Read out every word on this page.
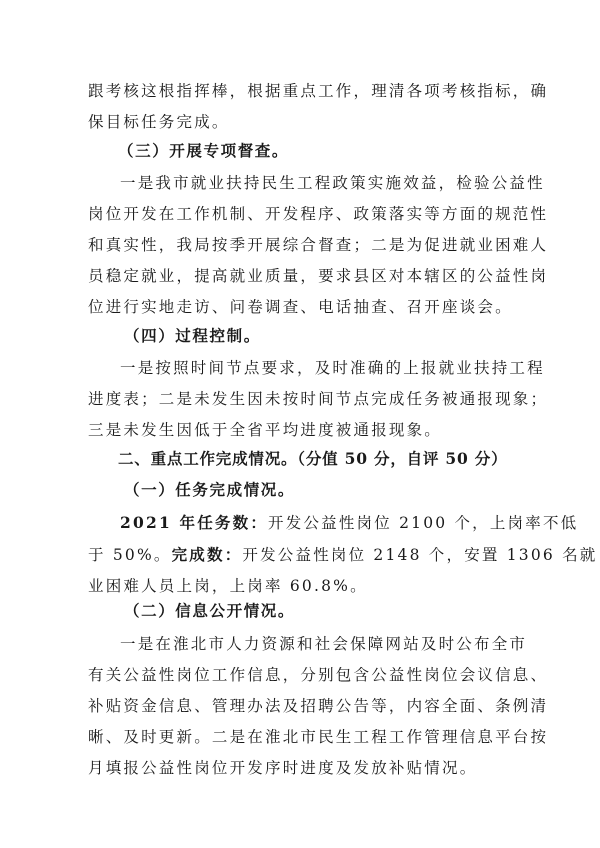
跟考核这根指挥棒，根据重点工作，理清各项考核指标，确
保目标任务完成。

（三）开展专项督查。

一是我市就业扶持民生工程政策实施效益，检验公益性
岗位开发在工作机制、开发程序、政策落实等方面的规范性
和真实性，我局按季开展综合督查；二是为促进就业困难人
员稳定就业，提高就业质量，要求县区对本辖区的公益性岗
位进行实地走访、问卷调查、电话抽查、召开座谈会。

（四）过程控制。

一是按照时间节点要求，及时准确的上报就业扶持工程
进度表；二是未发生因未按时间节点完成任务被通报现象；
三是未发生因低于全省平均进度被通报现象。

二、重点工作完成情况。（分值 50 分，自评 50 分）

（一）任务完成情况。

2021 年任务数：开发公益性岗位 2100 个，上岗率不低
于 50%。完成数：开发公益性岗位 2148 个，安置 1306 名就
业困难人员上岗，上岗率 60.8%。

（二）信息公开情况。

一是在淮北市人力资源和社会保障网站及时公布全市
有关公益性岗位工作信息，分别包含公益性岗位会议信息、
补贴资金信息、管理办法及招聘公告等，内容全面、条例清
晰、及时更新。二是在淮北市民生工程工作管理信息平台按
月填报公益性岗位开发序时进度及发放补贴情况。
